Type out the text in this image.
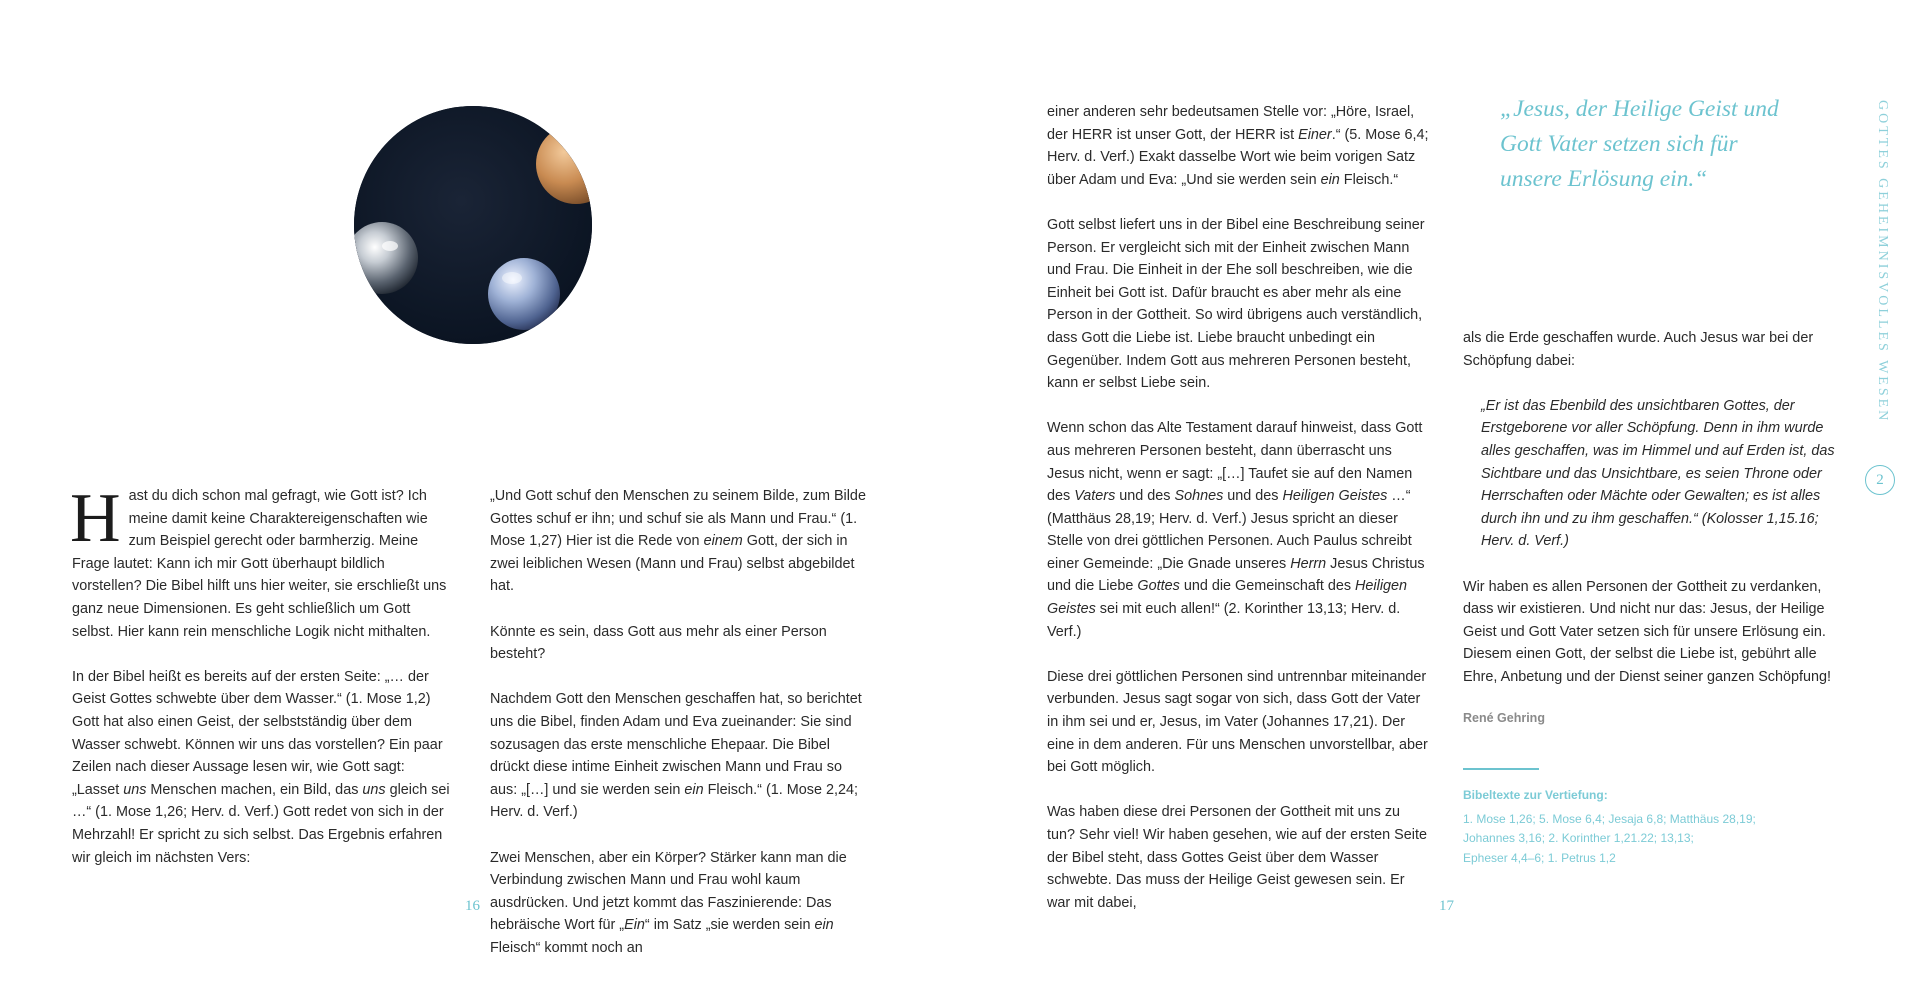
H ast du dich schon mal gefragt, wie Gott ist? Ich meine damit keine Charaktereigenschaften wie zum Beispiel gerecht oder barmherzig. Meine Frage lautet: Kann ich mir Gott überhaupt bildlich vorstellen? Die Bibel hilft uns hier weiter, sie erschließt uns ganz neue Dimensionen. Es geht schließlich um Gott selbst. Hier kann rein menschliche Logik nicht mithalten.

In der Bibel heißt es bereits auf der ersten Seite: „… der Geist Gottes schwebte über dem Wasser.“ (1. Mose 1,2) Gott hat also einen Geist, der selbstständig über dem Wasser schwebt. Können wir uns das vorstellen? Ein paar Zeilen nach dieser Aussage lesen wir, wie Gott sagt: „Lasset uns Menschen machen, ein Bild, das uns gleich sei …“ (1. Mose 1,26; Herv. d. Verf.) Gott redet von sich in der Mehrzahl! Er spricht zu sich selbst. Das Ergebnis erfahren wir gleich im nächsten Vers:

„Und Gott schuf den Menschen zu seinem Bilde, zum Bilde Gottes schuf er ihn; und schuf sie als Mann und Frau.“ (1. Mose 1,27) Hier ist die Rede von einem Gott, der sich in zwei leiblichen Wesen (Mann und Frau) selbst abgebildet hat.

Könnte es sein, dass Gott aus mehr als einer Person besteht?

Nachdem Gott den Menschen geschaffen hat, so berichtet uns die Bibel, finden Adam und Eva zueinander: Sie sind sozusagen das erste menschliche Ehepaar. Die Bibel drückt diese intime Einheit zwischen Mann und Frau so aus: „[…] und sie werden sein ein Fleisch.“ (1. Mose 2,24; Herv. d. Verf.)

Zwei Menschen, aber ein Körper? Stärker kann man die Verbindung zwischen Mann und Frau wohl kaum ausdrücken. Und jetzt kommt das Faszinierende: Das hebräische Wort für „Ein“ im Satz „sie werden sein ein Fleisch“ kommt noch an

einer anderen sehr bedeutsamen Stelle vor: „Höre, Israel, der HERR ist unser Gott, der HERR ist Einer.“ (5. Mose 6,4; Herv. d. Verf.) Exakt dasselbe Wort wie beim vorigen Satz über Adam und Eva: „Und sie werden sein ein Fleisch.“

Gott selbst liefert uns in der Bibel eine Beschreibung seiner Person. Er vergleicht sich mit der Einheit zwischen Mann und Frau. Die Einheit in der Ehe soll beschreiben, wie die Einheit bei Gott ist. Dafür braucht es aber mehr als eine Person in der Gottheit. So wird übrigens auch verständlich, dass Gott die Liebe ist. Liebe braucht unbedingt ein Gegenüber. Indem Gott aus mehreren Personen besteht, kann er selbst Liebe sein.

Wenn schon das Alte Testament darauf hinweist, dass Gott aus mehreren Personen besteht, dann überrascht uns Jesus nicht, wenn er sagt: „[…] Taufet sie auf den Namen des Vaters und des Sohnes und des Heiligen Geistes …“ (Matthäus 28,19; Herv. d. Verf.) Jesus spricht an dieser Stelle von drei göttlichen Personen. Auch Paulus schreibt einer Gemeinde: „Die Gnade unseres Herrn Jesus Christus und die Liebe Gottes und die Gemeinschaft des Heiligen Geistes sei mit euch allen!“ (2. Korinther 13,13; Herv. d. Verf.)

Diese drei göttlichen Personen sind untrennbar miteinander verbunden. Jesus sagt sogar von sich, dass Gott der Vater in ihm sei und er, Jesus, im Vater (Johannes 17,21). Der eine in dem anderen. Für uns Menschen unvorstellbar, aber bei Gott möglich.

Was haben diese drei Personen der Gottheit mit uns zu tun? Sehr viel! Wir haben gesehen, wie auf der ersten Seite der Bibel steht, dass Gottes Geist über dem Wasser schwebte. Das muss der Heilige Geist gewesen sein. Er war mit dabei,

„Jesus, der Heilige Geist und Gott Vater setzen sich für unsere Erlösung ein.“

als die Erde geschaffen wurde. Auch Jesus war bei der Schöpfung dabei:

„Er ist das Ebenbild des unsichtbaren Gottes, der Erstgeborene vor aller Schöpfung. Denn in ihm wurde alles geschaffen, was im Himmel und auf Erden ist, das Sichtbare und das Unsichtbare, es seien Throne oder Herrschaften oder Mächte oder Gewalten; es ist alles durch ihn und zu ihm geschaffen.“ (Kolosser 1,15.16; Herv. d. Verf.)

Wir haben es allen Personen der Gottheit zu verdanken, dass wir existieren. Und nicht nur das: Jesus, der Heilige Geist und Gott Vater setzen sich für unsere Erlösung ein. Diesem einen Gott, der selbst die Liebe ist, gebührt alle Ehre, Anbetung und der Dienst seiner ganzen Schöpfung!

René Gehring
Bibeltexte zur Vertiefung:
1. Mose 1,26; 5. Mose 6,4; Jesaja 6,8; Matthäus 28,19;
Johannes 3,16; 2. Korinther 1,21.22; 13,13;
Epheser 4,4–6; 1. Petrus 1,2
GOTTES GEHEIMNISVOLLES WESEN
2
16	17
